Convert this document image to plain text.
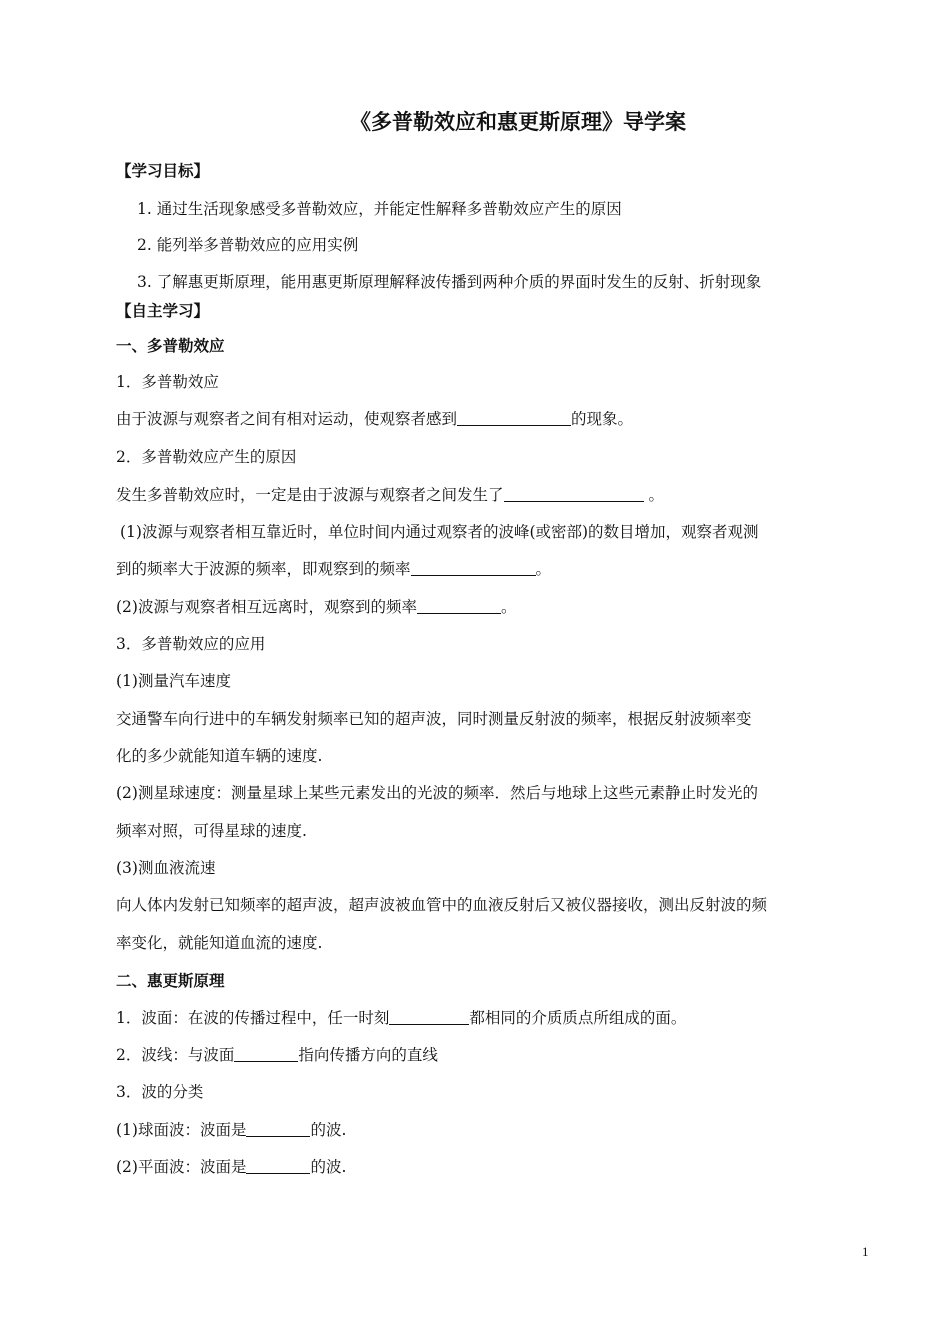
《多普勒效应和惠更斯原理》导学案

【学习目标】

1. 通过生活现象感受多普勒效应，并能定性解释多普勒效应产生的原因

2. 能列举多普勒效应的应用实例

3. 了解惠更斯原理，能用惠更斯原理解释波传播到两种介质的界面时发生的反射、折射现象

【自主学习】

一、多普勒效应

1．多普勒效应

由于波源与观察者之间有相对运动，使观察者感到	的现象。

2．多普勒效应产生的原因

发生多普勒效应时，一定是由于波源与观察者之间发生了	。

(1)波源与观察者相互靠近时，单位时间内通过观察者的波峰(或密部)的数目增加，观察者观测

到的频率大于波源的频率，即观察到的频率	。

(2)波源与观察者相互远离时，观察到的频率	。

3．多普勒效应的应用

(1)测量汽车速度

交通警车向行进中的车辆发射频率已知的超声波，同时测量反射波的频率，根据反射波频率变

化的多少就能知道车辆的速度.

(2)测星球速度：测量星球上某些元素发出的光波的频率．然后与地球上这些元素静止时发光的

频率对照，可得星球的速度.

(3)测血液流速

向人体内发射已知频率的超声波，超声波被血管中的血液反射后又被仪器接收，测出反射波的频

率变化，就能知道血流的速度.

二、惠更斯原理

1．波面：在波的传播过程中，任一时刻	都相同的介质质点所组成的面。

2．波线：与波面	指向传播方向的直线

3．波的分类

(1)球面波：波面是	的波.

(2)平面波：波面是	的波.

1
